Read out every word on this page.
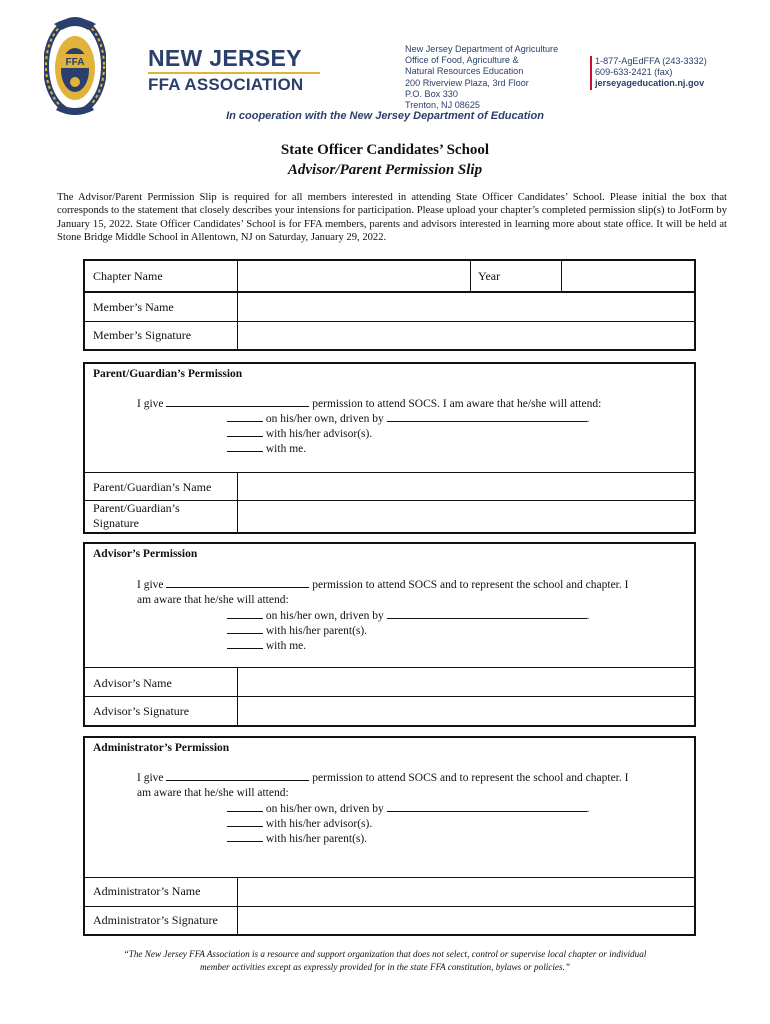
FFA	NEW JERSEY
FFA ASSOCIATION
New Jersey Department of Agriculture
Office of Food, Agriculture &
Natural Resources Education
200 Riverview Plaza, 3rd Floor
P.O. Box 330
Trenton, NJ 08625
1-877-AgEdFFA (243-3332)
609-633-2421 (fax)
jerseyageducation.nj.gov
In cooperation with the New Jersey Department of Education
State Officer Candidates’ School
Advisor/Parent Permission Slip
The Advisor/Parent Permission Slip is required for all members interested in attending State Officer Candidates’ School. Please initial the box that corresponds to the statement that closely describes your intensions for participation. Please upload your chapter’s completed permission slip(s) to JotForm by January 15, 2022. State Officer Candidates’ School is for FFA members, parents and advisors interested in learning more about state office. It will be held at Stone Bridge Middle School in Allentown, NJ on Saturday, January 29, 2022.
Chapter Name	Year
Member’s Name
Member’s Signature
Parent/Guardian’s Permission
I give	permission to attend SOCS. I am aware that he/she will attend:
on his/her own, driven by	.
with his/her advisor(s).
with me.
Parent/Guardian’s Name
Parent/Guardian’s
Signature
Advisor’s Permission
I give	permission to attend SOCS and to represent the school and chapter. I
am aware that he/she will attend:
on his/her own, driven by	.
with his/her parent(s).
with me.
Advisor’s Name
Advisor’s Signature
Administrator’s Permission
I give	permission to attend SOCS and to represent the school and chapter. I
am aware that he/she will attend:
on his/her own, driven by	.
with his/her advisor(s).
with his/her parent(s).
Administrator’s Name
Administrator’s Signature
“The New Jersey FFA Association is a resource and support organization that does not select, control or supervise local chapter or individual
member activities except as expressly provided for in the state FFA constitution, bylaws or policies.”
